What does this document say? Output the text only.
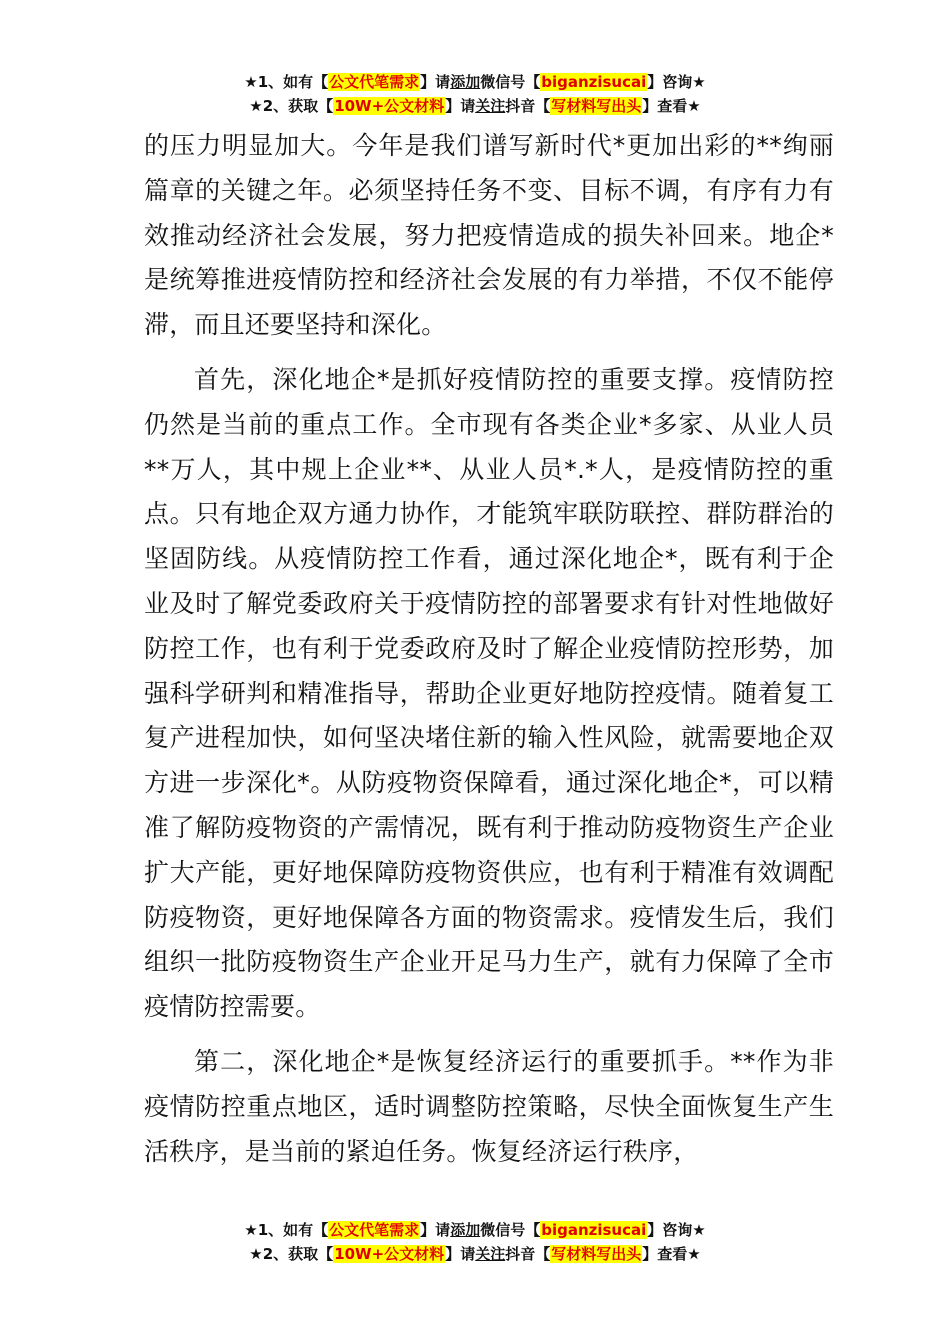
★1、如有【公文代笔需求】请添加微信号【biganzisucai】咨询★
★2、获取【10W+公文材料】请关注抖音【写材料写出头】查看★

的压力明显加大。今年是我们谱写新时代*更加出彩的**绚丽篇章的关键之年。必须坚持任务不变、目标不调，有序有力有效推动经济社会发展，努力把疫情造成的损失补回来。地企*是统筹推进疫情防控和经济社会发展的有力举措，不仅不能停滞，而且还要坚持和深化。

首先，深化地企*是抓好疫情防控的重要支撑。疫情防控仍然是当前的重点工作。全市现有各类企业*多家、从业人员**万人，其中规上企业**、从业人员*.*人，是疫情防控的重点。只有地企双方通力协作，才能筑牢联防联控、群防群治的坚固防线。从疫情防控工作看，通过深化地企*，既有利于企业及时了解党委政府关于疫情防控的部署要求有针对性地做好防控工作，也有利于党委政府及时了解企业疫情防控形势，加强科学研判和精准指导，帮助企业更好地防控疫情。随着复工复产进程加快，如何坚决堵住新的输入性风险，就需要地企双方进一步深化*。从防疫物资保障看，通过深化地企*，可以精准了解防疫物资的产需情况，既有利于推动防疫物资生产企业扩大产能，更好地保障防疫物资供应，也有利于精准有效调配防疫物资，更好地保障各方面的物资需求。疫情发生后，我们组织一批防疫物资生产企业开足马力生产，就有力保障了全市疫情防控需要。

第二，深化地企*是恢复经济运行的重要抓手。**作为非疫情防控重点地区，适时调整防控策略，尽快全面恢复生产生活秩序，是当前的紧迫任务。恢复经济运行秩序，

★1、如有【公文代笔需求】请添加微信号【biganzisucai】咨询★
★2、获取【10W+公文材料】请关注抖音【写材料写出头】查看★
